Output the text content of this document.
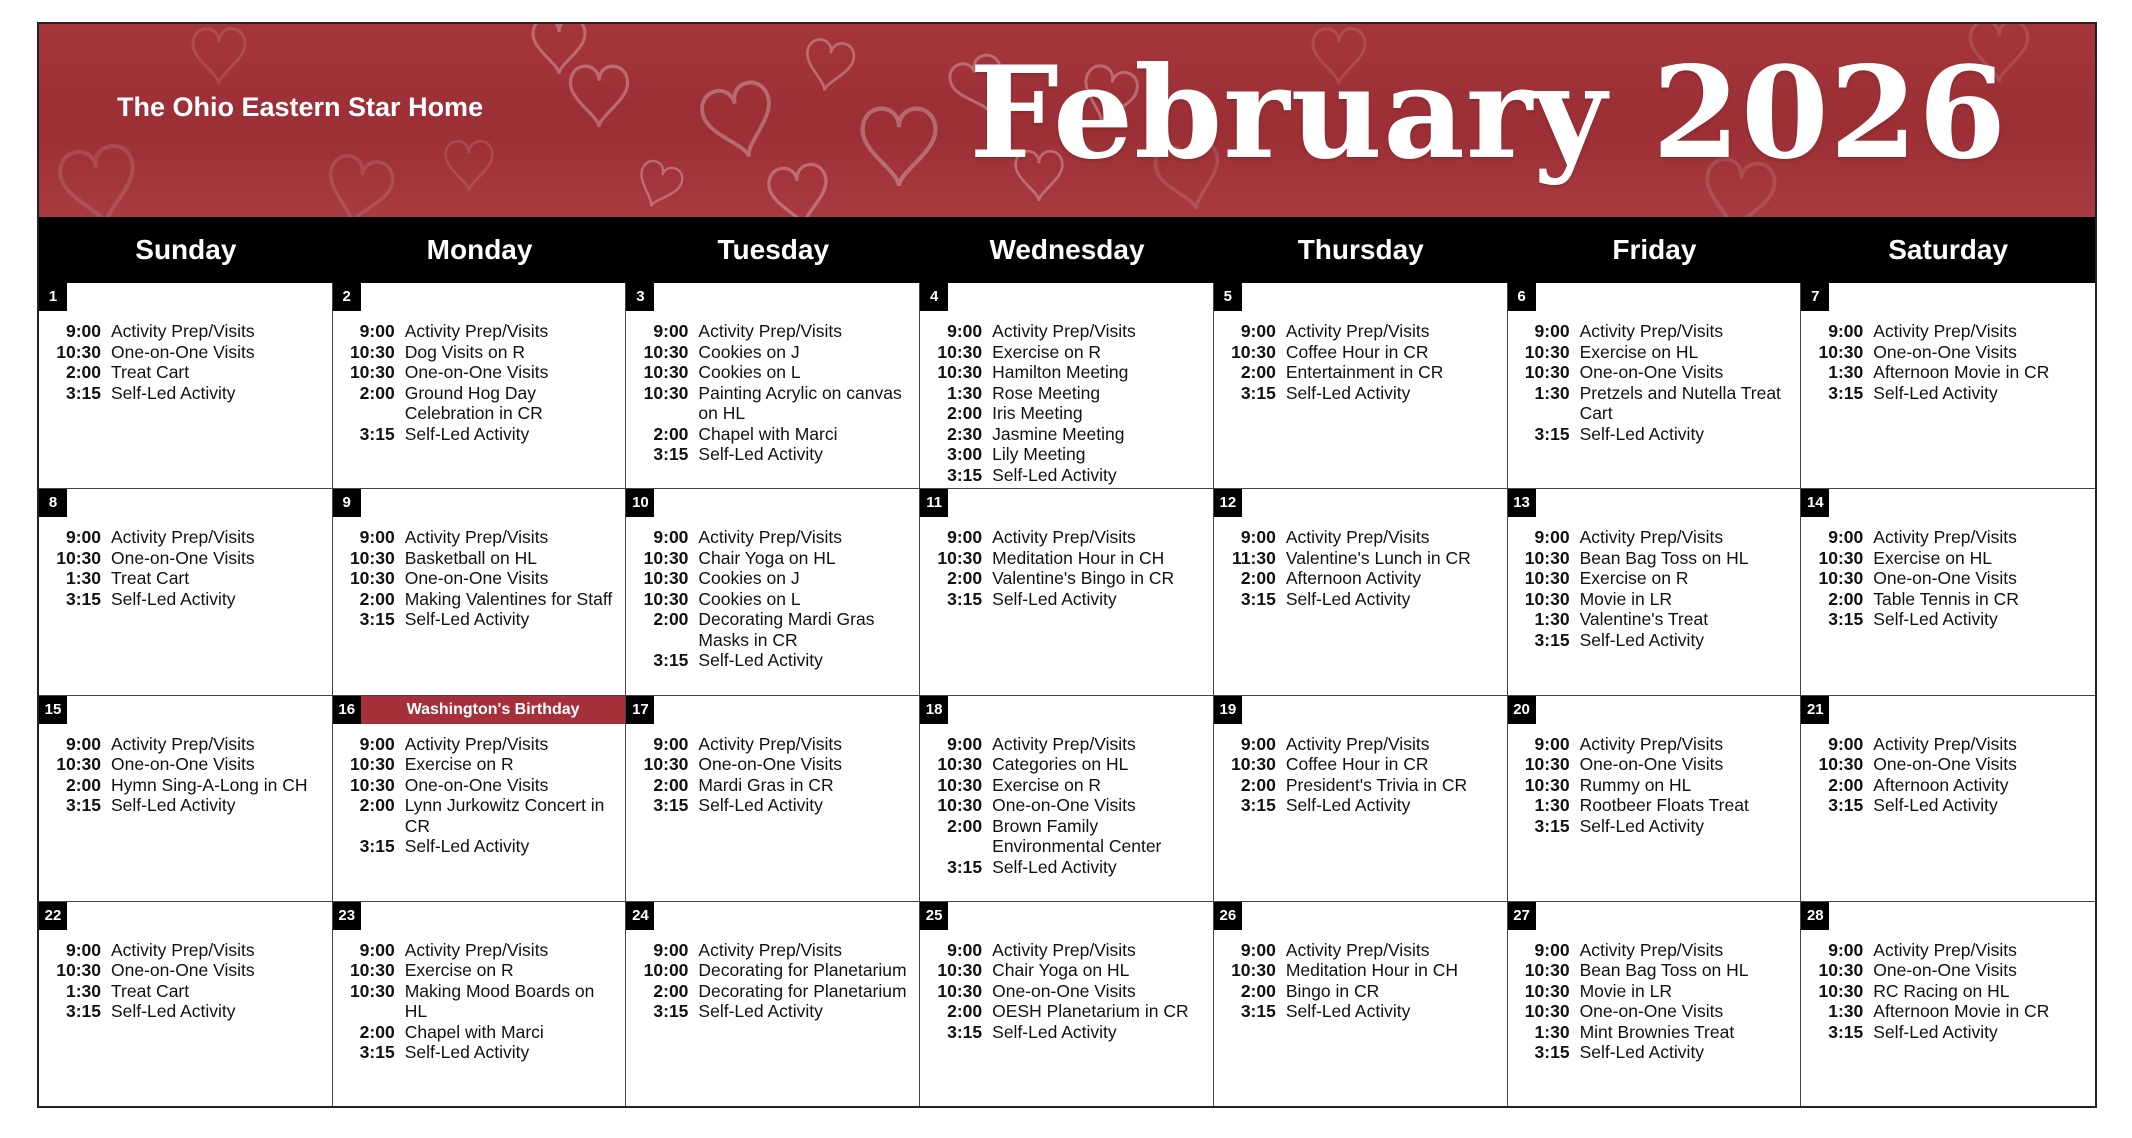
The Ohio Eastern Star Home	February 2026
Sunday	Monday	Tuesday	Wednesday	Thursday	Friday	Saturday
1
9:00 Activity Prep/Visits
10:30 One-on-One Visits
2:00 Treat Cart
3:15 Self-Led Activity
2
9:00 Activity Prep/Visits
10:30 Dog Visits on R
10:30 One-on-One Visits
2:00 Ground Hog Day Celebration in CR
3:15 Self-Led Activity
3
9:00 Activity Prep/Visits
10:30 Cookies on J
10:30 Cookies on L
10:30 Painting Acrylic on canvas on HL
2:00 Chapel with Marci
3:15 Self-Led Activity
4
9:00 Activity Prep/Visits
10:30 Exercise on R
10:30 Hamilton Meeting
1:30 Rose Meeting
2:00 Iris Meeting
2:30 Jasmine Meeting
3:00 Lily Meeting
3:15 Self-Led Activity
5
9:00 Activity Prep/Visits
10:30 Coffee Hour in CR
2:00 Entertainment in CR
3:15 Self-Led Activity
6
9:00 Activity Prep/Visits
10:30 Exercise on HL
10:30 One-on-One Visits
1:30 Pretzels and Nutella Treat Cart
3:15 Self-Led Activity
7
9:00 Activity Prep/Visits
10:30 One-on-One Visits
1:30 Afternoon Movie in CR
3:15 Self-Led Activity
8
9:00 Activity Prep/Visits
10:30 One-on-One Visits
1:30 Treat Cart
3:15 Self-Led Activity
9
9:00 Activity Prep/Visits
10:30 Basketball on HL
10:30 One-on-One Visits
2:00 Making Valentines for Staff
3:15 Self-Led Activity
10
9:00 Activity Prep/Visits
10:30 Chair Yoga on HL
10:30 Cookies on J
10:30 Cookies on L
2:00 Decorating Mardi Gras Masks in CR
3:15 Self-Led Activity
11
9:00 Activity Prep/Visits
10:30 Meditation Hour in CH
2:00 Valentine's Bingo in CR
3:15 Self-Led Activity
12
9:00 Activity Prep/Visits
11:30 Valentine's Lunch in CR
2:00 Afternoon Activity
3:15 Self-Led Activity
13
9:00 Activity Prep/Visits
10:30 Bean Bag Toss on HL
10:30 Exercise on R
10:30 Movie in LR
1:30 Valentine's Treat
3:15 Self-Led Activity
14
9:00 Activity Prep/Visits
10:30 Exercise on HL
10:30 One-on-One Visits
2:00 Table Tennis in CR
3:15 Self-Led Activity
15
9:00 Activity Prep/Visits
10:30 One-on-One Visits
2:00 Hymn Sing-A-Long in CH
3:15 Self-Led Activity
16	Washington's Birthday
9:00 Activity Prep/Visits
10:30 Exercise on R
10:30 One-on-One Visits
2:00 Lynn Jurkowitz Concert in CR
3:15 Self-Led Activity
17
9:00 Activity Prep/Visits
10:30 One-on-One Visits
2:00 Mardi Gras in CR
3:15 Self-Led Activity
18
9:00 Activity Prep/Visits
10:30 Categories on HL
10:30 Exercise on R
10:30 One-on-One Visits
2:00 Brown Family Environmental Center
3:15 Self-Led Activity
19
9:00 Activity Prep/Visits
10:30 Coffee Hour in CR
2:00 President's Trivia in CR
3:15 Self-Led Activity
20
9:00 Activity Prep/Visits
10:30 One-on-One Visits
10:30 Rummy on HL
1:30 Rootbeer Floats Treat
3:15 Self-Led Activity
21
9:00 Activity Prep/Visits
10:30 One-on-One Visits
2:00 Afternoon Activity
3:15 Self-Led Activity
22
9:00 Activity Prep/Visits
10:30 One-on-One Visits
1:30 Treat Cart
3:15 Self-Led Activity
23
9:00 Activity Prep/Visits
10:30 Exercise on R
10:30 Making Mood Boards on HL
2:00 Chapel with Marci
3:15 Self-Led Activity
24
9:00 Activity Prep/Visits
10:00 Decorating for Planetarium
2:00 Decorating for Planetarium
3:15 Self-Led Activity
25
9:00 Activity Prep/Visits
10:30 Chair Yoga on HL
10:30 One-on-One Visits
2:00 OESH Planetarium in CR
3:15 Self-Led Activity
26
9:00 Activity Prep/Visits
10:30 Meditation Hour in CH
2:00 Bingo in CR
3:15 Self-Led Activity
27
9:00 Activity Prep/Visits
10:30 Bean Bag Toss on HL
10:30 Movie in LR
10:30 One-on-One Visits
1:30 Mint Brownies Treat
3:15 Self-Led Activity
28
9:00 Activity Prep/Visits
10:30 One-on-One Visits
10:30 RC Racing on HL
1:30 Afternoon Movie in CR
3:15 Self-Led Activity
